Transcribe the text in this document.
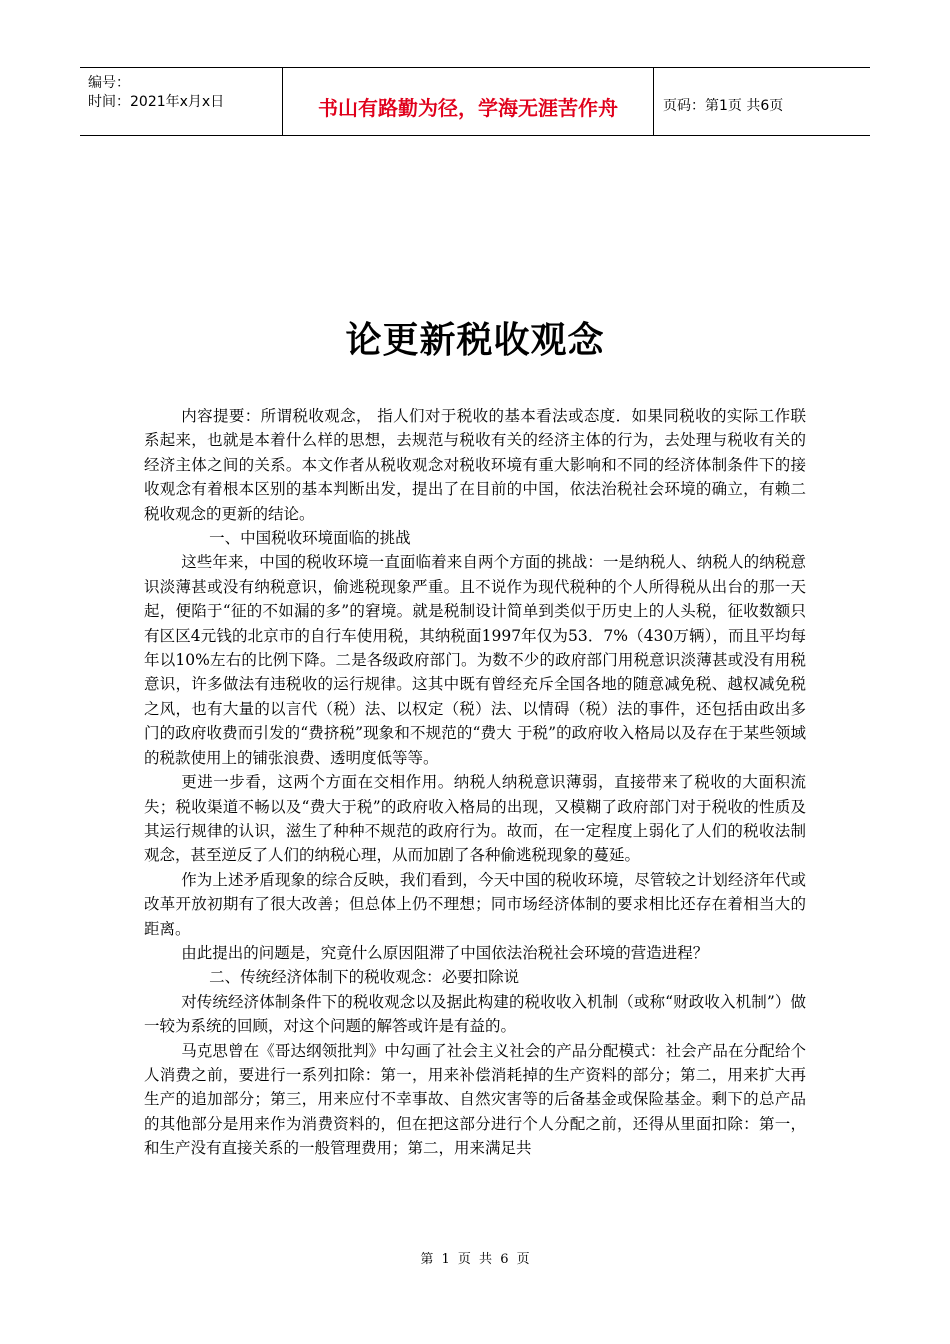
编号：
时间：2021年x月x日	书山有路勤为径，学海无涯苦作舟	页码：第1页 共6页
论更新税收观念

内容提要：所谓税收观念， 指人们对于税收的基本看法或态度．如果同税收的实际工作联系起来，也就是本着什么样的思想，去规范与税收有关的经济主体的行为，去处理与税收有关的经济主体之间的关系。本文作者从税收观念对税收环境有重大影响和不同的经济体制条件下的接收观念有着根本区别的基本判断出发，提出了在目前的中国，依法治税社会环境的确立，有赖二税收观念的更新的结论。

一、中国税收环境面临的挑战

这些年来，中国的税收环境一直面临着来自两个方面的挑战：一是纳税人、纳税人的纳税意识淡薄甚或没有纳税意识，偷逃税现象严重。且不说作为现代税种的个人所得税从出台的那一天起，便陷于“征的不如漏的多”的窘境。就是税制设计简单到类似于历史上的人头税，征收数额只有区区4元钱的北京市的自行车使用税，其纳税面1997年仅为53．7%（430万辆），而且平均每年以10%左右的比例下降。二是各级政府部门。为数不少的政府部门用税意识淡薄甚或没有用税意识，许多做法有违税收的运行规律。这其中既有曾经充斥全国各地的随意减免税、越权减免税之风，也有大量的以言代（税）法、以权定（税）法、以情碍（税）法的事件，还包括由政出多门的政府收费而引发的“费挤税”现象和不规范的“费大 于税”的政府收入格局以及存在于某些领域的税款使用上的铺张浪费、透明度低等等。

更进一步看，这两个方面在交相作用。纳税人纳税意识薄弱，直接带来了税收的大面积流失；税收渠道不畅以及“费大于税”的政府收入格局的出现，又模糊了政府部门对于税收的性质及其运行规律的认识，滋生了种种不规范的政府行为。故而，在一定程度上弱化了人们的税收法制观念，甚至逆反了人们的纳税心理，从而加剧了各种偷逃税现象的蔓延。

作为上述矛盾现象的综合反映，我们看到，今天中国的税收环境，尽管较之计划经济年代或改革开放初期有了很大改善；但总体上仍不理想；同市场经济体制的要求相比还存在着相当大的距离。

由此提出的问题是，究竟什么原因阻滞了中国依法治税社会环境的营造进程？

二、传统经济体制下的税收观念：必要扣除说

对传统经济体制条件下的税收观念以及据此构建的税收收入机制（或称“财政收入机制”）做一较为系统的回顾，对这个问题的解答或许是有益的。

马克思曾在《哥达纲领批判》中勾画了社会主义社会的产品分配模式：社会产品在分配给个人消费之前，要进行一系列扣除：第一，用来补偿消耗掉的生产资料的部分；第二，用来扩大再生产的追加部分；第三，用来应付不幸事故、自然灾害等的后备基金或保险基金。剩下的总产品的其他部分是用来作为消费资料的，但在把这部分进行个人分配之前，还得从里面扣除：第一，和生产没有直接关系的一般管理费用；第二，用来满足共

第 1 页 共 6 页
